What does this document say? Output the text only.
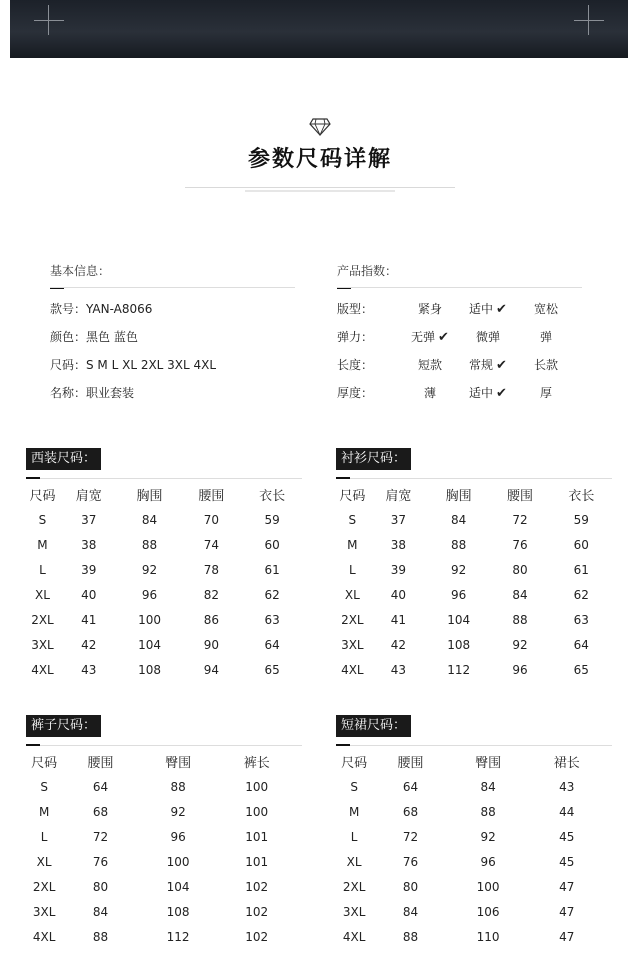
参数尺码详解
基本信息：
款号：YAN-A8066
颜色：黑色 蓝色
尺码：S M L XL 2XL 3XL 4XL
名称：职业套装
产品指数：
版型：	紧身	适中 ✔	宽松
弹力：	无弹 ✔	微弹	弹
长度：	短款	常规 ✔	长款
厚度：	薄	适中 ✔	厚
西装尺码：
尺码	肩宽	胸围	腰围	衣长
S	37	84	70	59
M	38	88	74	60
L	39	92	78	61
XL	40	96	82	62
2XL	41	100	86	63
3XL	42	104	90	64
4XL	43	108	94	65
衬衫尺码：
尺码	肩宽	胸围	腰围	衣长
S	37	84	72	59
M	38	88	76	60
L	39	92	80	61
XL	40	96	84	62
2XL	41	104	88	63
3XL	42	108	92	64
4XL	43	112	96	65
裤子尺码：
尺码	腰围	臀围	裤长
S	64	88	100
M	68	92	100
L	72	96	101
XL	76	100	101
2XL	80	104	102
3XL	84	108	102
4XL	88	112	102
短裙尺码：
尺码	腰围	臀围	裙长
S	64	84	43
M	68	88	44
L	72	92	45
XL	76	96	45
2XL	80	100	47
3XL	84	106	47
4XL	88	110	47
